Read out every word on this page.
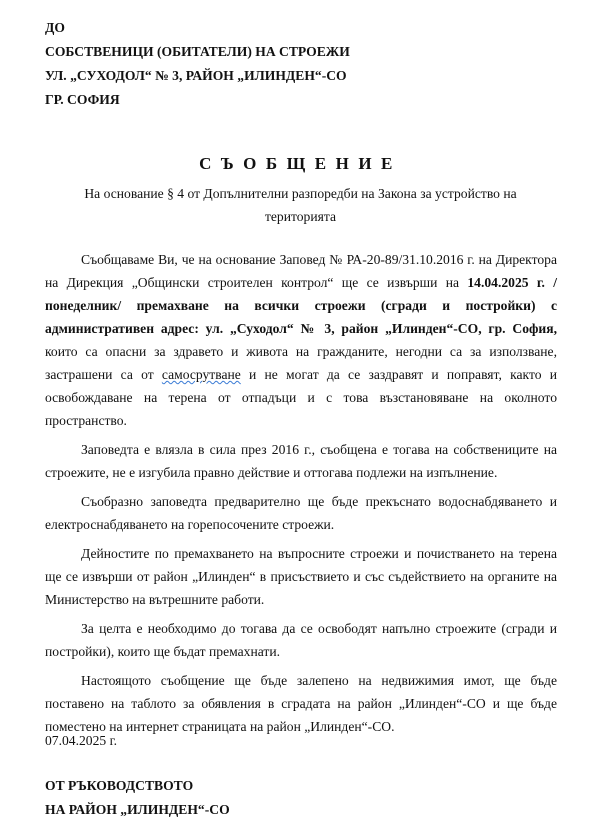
ДО
СОБСТВЕНИЦИ (ОБИТАТЕЛИ) НА СТРОЕЖИ
УЛ. „СУХОДОЛ“ № 3, РАЙОН „ИЛИНДЕН“-СО
ГР. СОФИЯ
СЪОБЩЕНИЕ
На основание § 4 от Допълнителни разпоредби на Закона за устройство на територията

Съобщаваме Ви, че на основание Заповед № РА-20-89/31.10.2016 г. на Директора на Дирекция „Общински строителен контрол“ ще се извърши на 14.04.2025 г. /понеделник/ премахване на всички строежи (сгради и постройки) с административен адрес: ул. „Суходол“ № 3, район „Илинден“-СО, гр. София, които са опасни за здравето и живота на гражданите, негодни са за използване, застрашени са от самосрутване и не могат да се заздравят и поправят, както и освобождаване на терена от отпадъци и с това възстановяване на околното пространство.

Заповедта е влязла в сила през 2016 г., съобщена е тогава на собствениците на строежите, не е изгубила правно действие и оттогава подлежи на изпълнение.

Съобразно заповедта предварително ще бъде прекъснато водоснабдяването и електроснабдяването на горепосочените строежи.

Дейностите по премахването на въпросните строежи и почистването на терена ще се извърши от район „Илинден“ в присъствието и със съдействието на органите на Министерство на вътрешните работи.

За целта е необходимо до тогава да се освободят напълно строежите (сгради и постройки), които ще бъдат премахнати.

Настоящото съобщение ще бъде залепено на недвижимия имот, ще бъде поставено на таблото за обявления в сградата на район „Илинден“-СО и ще бъде поместено на интернет страницата на район „Илинден“-СО.

07.04.2025 г.
ОТ РЪКОВОДСТВОТО
НА РАЙОН „ИЛИНДЕН“-СО
